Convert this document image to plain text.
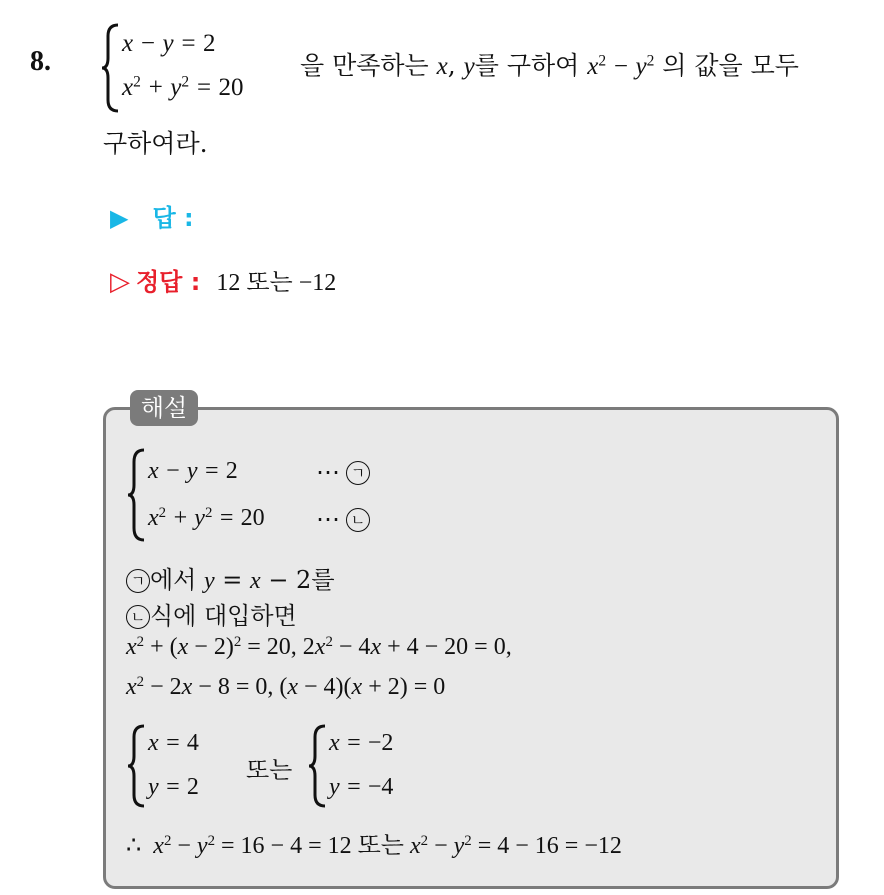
8.
x − y = 2
$x^2 + y^2 = 20$
을 만족하는 x, y를 구하여 $x^2 - y^2$ 의 값을 모두
구하여라.
▶ 답 :
▷ 정답 : 12 또는 −12
해설
x − y = 2	⋯ ㄱ
$x^2 + y^2 = 20$ ⋯ ㄴ
ㄱ 에서 y = x − 2를
ㄴ 식에 대입하면
$x^2 + (x - 2)^2 = 20$, $2x^2 - 4x + 4 - 20 = 0$,
$x^2 - 2x - 8 = 0$, (x − 4)(x + 2) = 0
x = 4
y = 2
또는
x = −2
y = −4
∴  $x^2 - y^2 = 16 - 4 = 12$ 또는 $x^2 - y^2 = 4 - 16 = -12$
